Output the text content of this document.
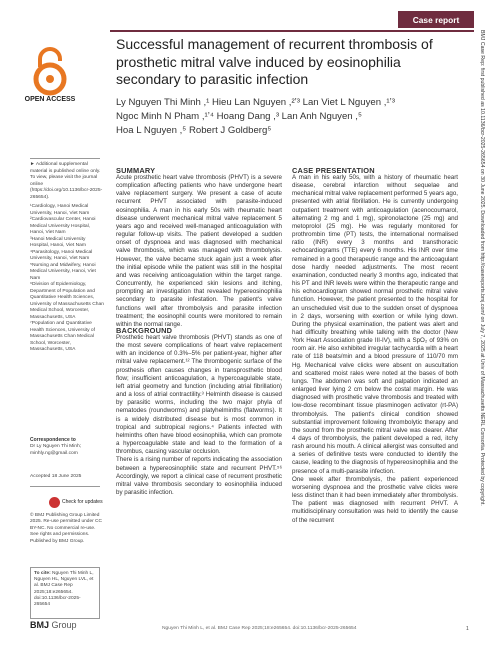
Case report
OPEN ACCESS
Successful management of recurrent thrombosis of prosthetic mitral valve induced by eosinophilia secondary to parasitic infection
Ly Nguyen Thi Minh ,¹ Hieu Lan Nguyen ,²ʼ³ Lan Viet L Nguyen ,¹ʼ³
Ngoc Minh N Pham ,¹ʼ⁴ Hoang Dang ,³ Lan Anh Nguyen ,⁵
Hoa L Nguyen ,⁵ Robert J Goldberg⁵

► Additional supplemental material is published online only. To view, please visit the journal online (https://doi.org/10.1136/bcr-2025-265654).

¹Cardiology, Hanoi Medical University, Hanoi, Viet Nam

²Cardiovascular Center, Hanoi Medical University Hospital, Hanoi, Viet Nam

³Hanoi Medical University Hospital, Hanoi, Viet Nam

⁴Parasitology, Hanoi Medical University, Hanoi, Viet Nam

⁵Nursing and Midwifery, Hanoi Medical University, Hanoi, Viet Nam

⁶Division of Epidemiology, Department of Population and Quantitative Health Sciences, University of Massachusetts Chan Medical School, Worcester, Massachusetts, USA

⁷Population and Quantitative Health Sciences, University of Massachusetts Chan Medical School, Worcester, Massachusetts, USA

Correspondence to
Dr Ly Nguyen Thi Minh; minhly.ng@gmail.com
Accepted 18 June 2025
Check for updates
© BMJ Publishing Group Limited 2025. Re-use permitted under CC BY-NC. No commercial re-use. See rights and permissions. Published by BMJ Group.
To cite: Nguyen Thi Minh L, Nguyen HL, Nguyen LVL, et al. BMJ Case Rep 2025;18:e265654. doi:10.1136/bcr-2025-265654
BMJ Group
SUMMARY
Acute prosthetic heart valve thrombosis (PHVT) is a severe complication affecting patients who have undergone heart valve replacement surgery. We present a case of acute recurrent PHVT associated with parasite-induced eosinophilia. A man in his early 50s with rheumatic heart disease underwent mechanical mitral valve replacement 5 years ago and received well-managed anticoagulation with regular follow-up visits. The patient developed a sudden onset of dyspnoea and was diagnosed with mechanical valve thrombosis, which was managed with thrombolysis. However, the valve became stuck again just a week after the initial episode while the patient was still in the hospital and was receiving anticoagulation within the target range. Concurrently, he experienced skin lesions and itching, prompting an investigation that revealed hypereosinophilia secondary to parasite infestation. The patient's valve functions well after thrombolysis and parasite infection treatment; the eosinophil counts were monitored to remain within the normal range.
BACKGROUND
Prosthetic heart valve thrombosis (PHVT) stands as one of the most severe complications of heart valve replacement with an incidence of 0.3%–5% per patient-year, higher after mitral valve replacement.¹² The thrombogenic surface of the prosthesis often causes changes in transprosthetic blood flow; insufficient anticoagulation, a hypercoagulable state, left atrial geometry and function (including atrial fibrillation) and a loss of atrial contractility.³ Helminth disease is caused by parasitic worms, including the two major phyla of nematodes (roundworms) and platyhelminths (flatworms). It is a widely distributed disease but is most common in tropical and subtropical regions.⁴ Patients infected with helminths often have blood eosinophilia, which can promote a hypercoagulable state and lead to the formation of a thrombus, causing vascular occlusion.
There is a rising number of reports indicating the association between a hypereosinophilic state and recurrent PHVT.⁵⁶ Accordingly, we report a clinical case of recurrent prosthetic mitral valve thrombosis secondary to eosinophilia induced by parasitic infection.
CASE PRESENTATION
A man in his early 50s, with a history of rheumatic heart disease, cerebral infarction without sequelae and mechanical mitral valve replacement performed 5 years ago, presented with atrial fibrillation. He is currently undergoing outpatient treatment with anticoagulation (acenocoumarol, alternating 2 mg and 1 mg), spironolactone (25 mg) and metoprolol (25 mg). He was regularly monitored for prothrombin time (PT) tests, the international normalised ratio (INR) every 3 months and transthoracic echocardiograms (TTE) every 6 months. His INR over time remained in a good therapeutic range and the anticoagulant dose hardly needed adjustments. The most recent examination, conducted nearly 3 months ago, indicated that his PT and INR levels were within the therapeutic range and his echocardiogram showed normal prosthetic mitral valve function. However, the patient presented to the hospital for an unscheduled visit due to the sudden onset of dyspnoea in 2 days, worsening with exertion or while lying down. During the physical examination, the patient was alert and had difficulty breathing while talking with the doctor (New York Heart Association grade III-IV), with a SpO₂ of 93% on room air. He also exhibited irregular tachycardia with a heart rate of 118 beats/min and a blood pressure of 110/70 mm Hg. Mechanical valve clicks were absent on auscultation and scattered moist rales were noted at the bases of both lungs. The abdomen was soft and palpation indicated an enlarged liver lying 2 cm below the costal margin. He was diagnosed with prosthetic valve thrombosis and treated with low-dose recombinant tissue plasminogen activator (rt-PA) thrombolysis. The patient's clinical condition showed substantial improvement following thrombolytic therapy and the sound from the prosthetic mitral valve was clearer. After 4 days of thrombolysis, the patient developed a red, itchy rash around his mouth. A clinical allergist was consulted and a series of definitive tests were conducted to identify the cause, leading to the diagnosis of hypereosinophilia and the presence of a multi-parasite infection.
One week after thrombolysis, the patient experienced worsening dyspnoea and the prosthetic valve clicks were less distinct than it had been immediately after thrombolysis. The patient was diagnosed with recurrent PHVT. A multidisciplinary consultation was held to identify the cause of the recurrent
Nguyen Thi Minh L, et al. BMJ Case Rep 2025;18:e265654. doi:10.1136/bcr-2025-265654	1
BMJ Case Rep: first published as 10.1136/bcr-2025-265654 on 30 June 2025. Downloaded from http://casereports.bmj.com/ on July 7, 2025 at Univ of Massachusetts NERL Consortia. Protected by copyright.
